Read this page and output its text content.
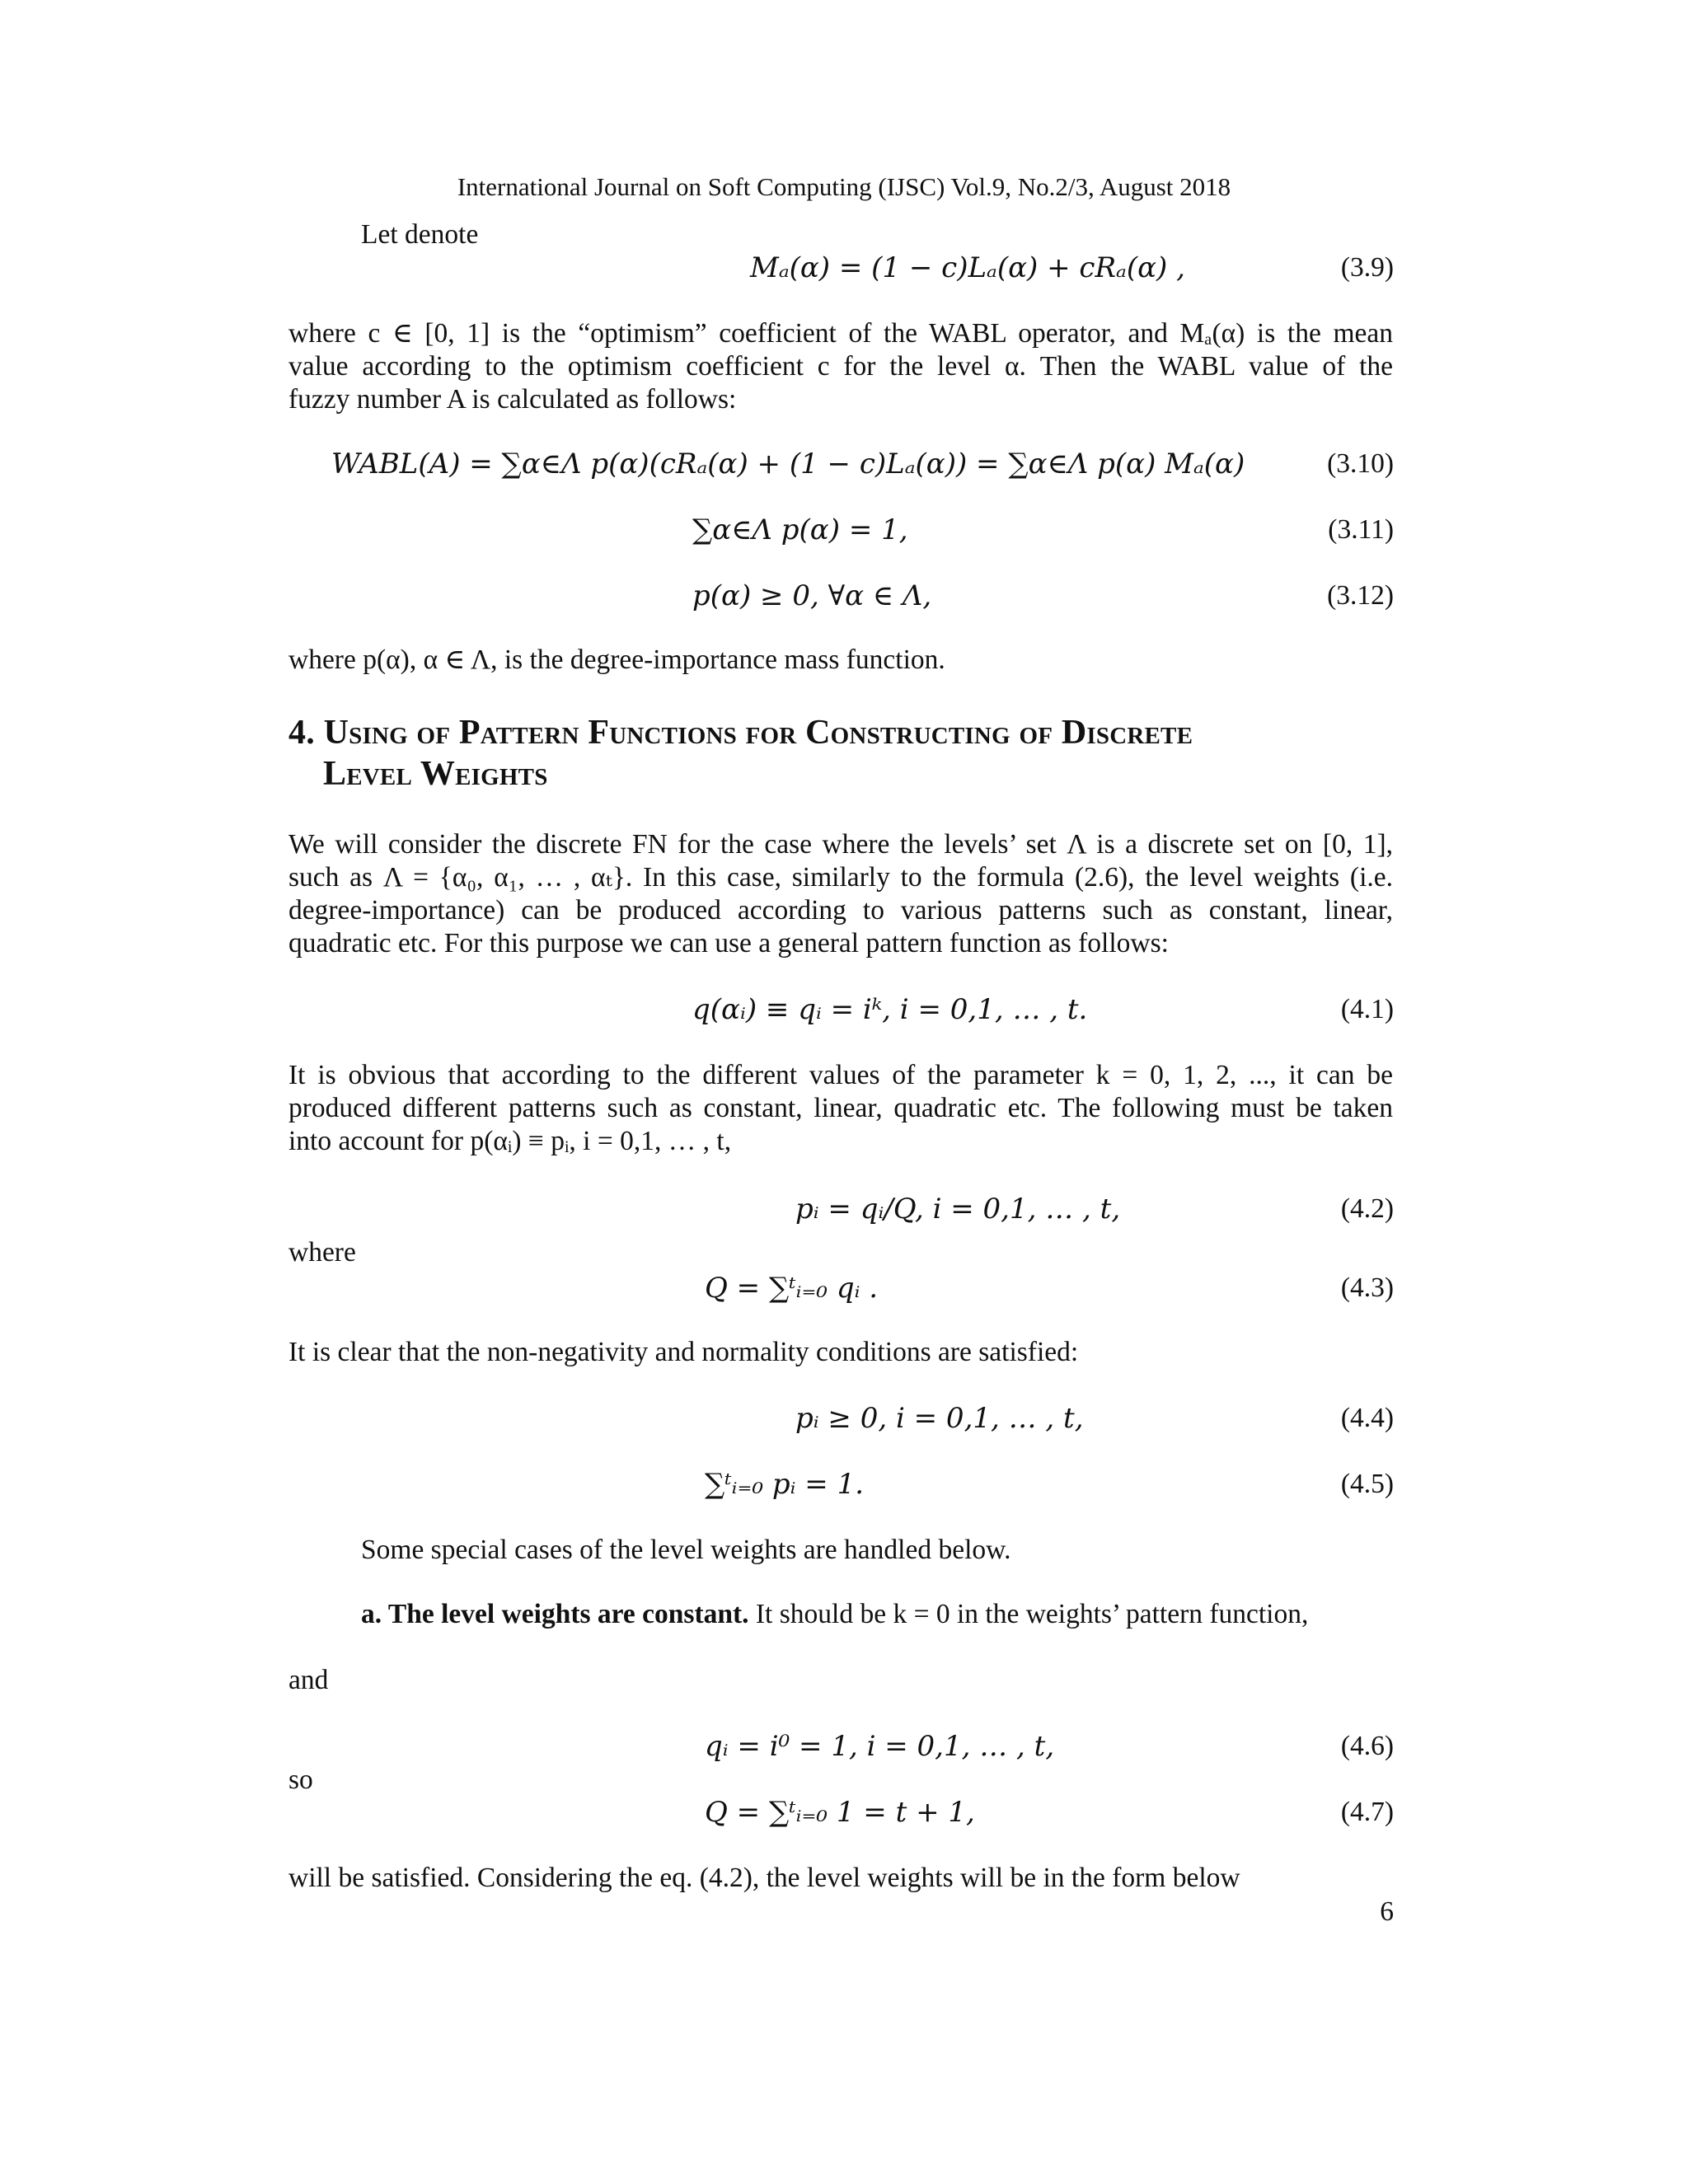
International Journal on Soft Computing (IJSC) Vol.9, No.2/3, August 2018
Let denote
Mₐ(α) = (1 − c)Lₐ(α) + cRₐ(α) ,	(3.9)
where c ∈ [0, 1] is the “optimism” coefficient of the WABL operator, and Mₐ(α) is the mean
value according to the optimism coefficient c for the level α. Then the WABL value of the
fuzzy number A is calculated as follows:
WABL(A) = ∑α∈Λ p(α)(cRₐ(α) + (1 − c)Lₐ(α)) = ∑α∈Λ p(α) Mₐ(α)	(3.10)
∑α∈Λ p(α) = 1,	(3.11)
p(α) ≥ 0, ∀α ∈ Λ,	(3.12)
where p(α), α ∈ Λ, is the degree-importance mass function.
4. Using of Pattern Functions for Constructing of Discrete
Level Weights
We will consider the discrete FN for the case where the levels’ set Λ is a discrete set on [0, 1],
such as Λ = {α₀, α₁, … , αₜ}. In this case, similarly to the formula (2.6), the level weights (i.e.
degree-importance) can be produced according to various patterns such as constant, linear,
quadratic etc. For this purpose we can use a general pattern function as follows:
q(αᵢ) ≡ qᵢ = iᵏ, i = 0,1, … , t.	(4.1)
It is obvious that according to the different values of the parameter k = 0, 1, 2, ..., it can be
produced different patterns such as constant, linear, quadratic etc. The following must be taken
into account for p(αᵢ) ≡ pᵢ, i = 0,1, … , t,
pᵢ = qᵢ/Q, i = 0,1, … , t,	(4.2)
where
Q = ∑ᵗᵢ₌₀ qᵢ .	(4.3)
It is clear that the non-negativity and normality conditions are satisfied:
pᵢ ≥ 0, i = 0,1, … , t,	(4.4)
∑ᵗᵢ₌₀ pᵢ = 1.	(4.5)
Some special cases of the level weights are handled below.
a. The level weights are constant. It should be k = 0 in the weights’ pattern function,
and
qᵢ = i⁰ = 1, i = 0,1, … , t,	(4.6)
so
Q = ∑ᵗᵢ₌₀ 1 = t + 1,	(4.7)
will be satisfied. Considering the eq. (4.2), the level weights will be in the form below
6
